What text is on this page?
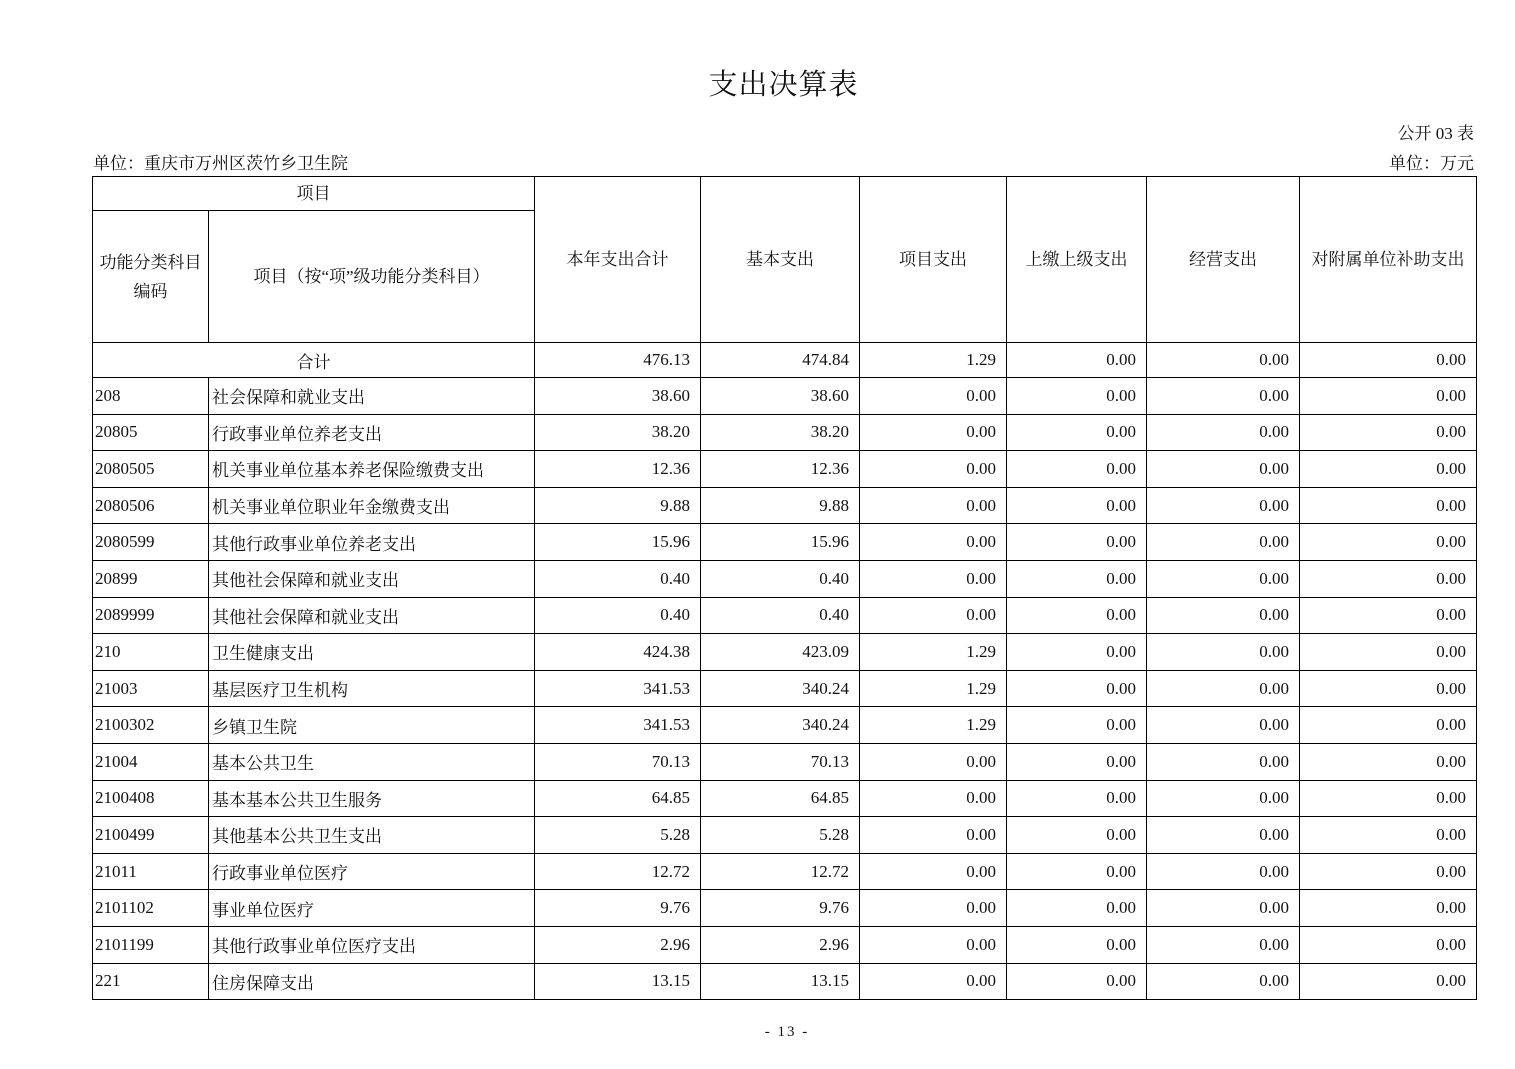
支出决算表
公开 03 表
单位：重庆市万州区茨竹乡卫生院	单位：万元
项目		本年支出合计	基本支出	项目支出	上缴上级支出	经营支出	对附属单位补助支出
功能分类科目编码	项目（按“项”级功能分类科目）						
合计		476.13	474.84	1.29	0.00	0.00	0.00
208	社会保障和就业支出	38.60	38.60	0.00	0.00	0.00	0.00
20805	行政事业单位养老支出	38.20	38.20	0.00	0.00	0.00	0.00
2080505	机关事业单位基本养老保险缴费支出	12.36	12.36	0.00	0.00	0.00	0.00
2080506	机关事业单位职业年金缴费支出	9.88	9.88	0.00	0.00	0.00	0.00
2080599	其他行政事业单位养老支出	15.96	15.96	0.00	0.00	0.00	0.00
20899	其他社会保障和就业支出	0.40	0.40	0.00	0.00	0.00	0.00
2089999	其他社会保障和就业支出	0.40	0.40	0.00	0.00	0.00	0.00
210	卫生健康支出	424.38	423.09	1.29	0.00	0.00	0.00
21003	基层医疗卫生机构	341.53	340.24	1.29	0.00	0.00	0.00
2100302	乡镇卫生院	341.53	340.24	1.29	0.00	0.00	0.00
21004	基本公共卫生	70.13	70.13	0.00	0.00	0.00	0.00
2100408	基本基本公共卫生服务	64.85	64.85	0.00	0.00	0.00	0.00
2100499	其他基本公共卫生支出	5.28	5.28	0.00	0.00	0.00	0.00
21011	行政事业单位医疗	12.72	12.72	0.00	0.00	0.00	0.00
2101102	事业单位医疗	9.76	9.76	0.00	0.00	0.00	0.00
2101199	其他行政事业单位医疗支出	2.96	2.96	0.00	0.00	0.00	0.00
221	住房保障支出	13.15	13.15	0.00	0.00	0.00	0.00
- 13 -
